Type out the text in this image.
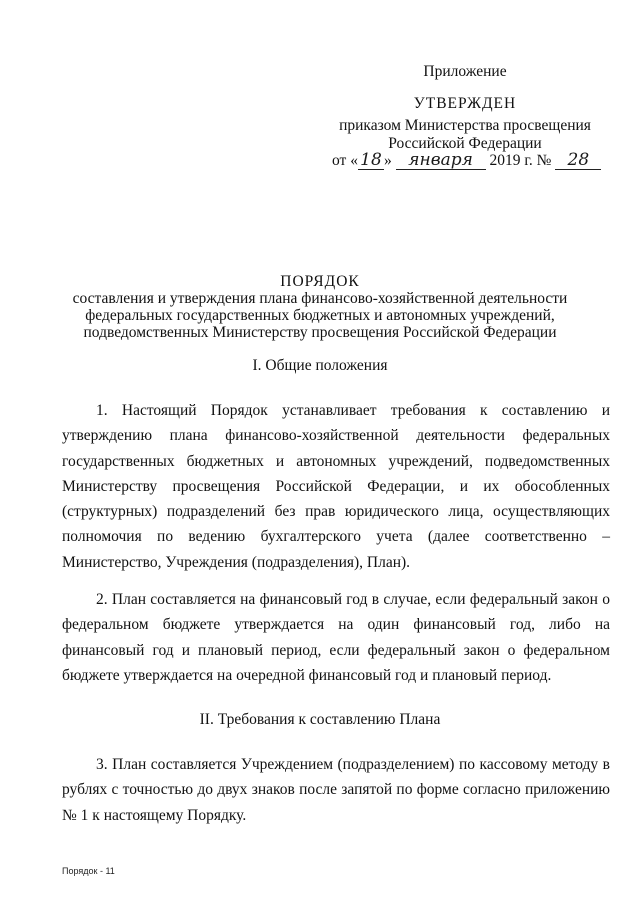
Приложение
УТВЕРЖДЕН
приказом Министерства просвещения
Российской Федерации
от « 18 » января 2019 г. № 28
ПОРЯДОК
составления и утверждения плана финансово-хозяйственной деятельности
федеральных государственных бюджетных и автономных учреждений,
подведомственных Министерству просвещения Российской Федерации
I. Общие положения

1. Настоящий Порядок устанавливает требования к составлению и утверждению плана финансово-хозяйственной деятельности федеральных государственных бюджетных и автономных учреждений, подведомственных Министерству просвещения Российской Федерации, и их обособленных (структурных) подразделений без прав юридического лица, осуществляющих полномочия по ведению бухгалтерского учета (далее соответственно – Министерство, Учреждения (подразделения), План).

2. План составляется на финансовый год в случае, если федеральный закон о федеральном бюджете утверждается на один финансовый год, либо на финансовый год и плановый период, если федеральный закон о федеральном бюджете утверждается на очередной финансовый год и плановый период.

II. Требования к составлению Плана

3. План составляется Учреждением (подразделением) по кассовому методу в рублях с точностью до двух знаков после запятой по форме согласно приложению № 1 к настоящему Порядку.

Порядок - 11
